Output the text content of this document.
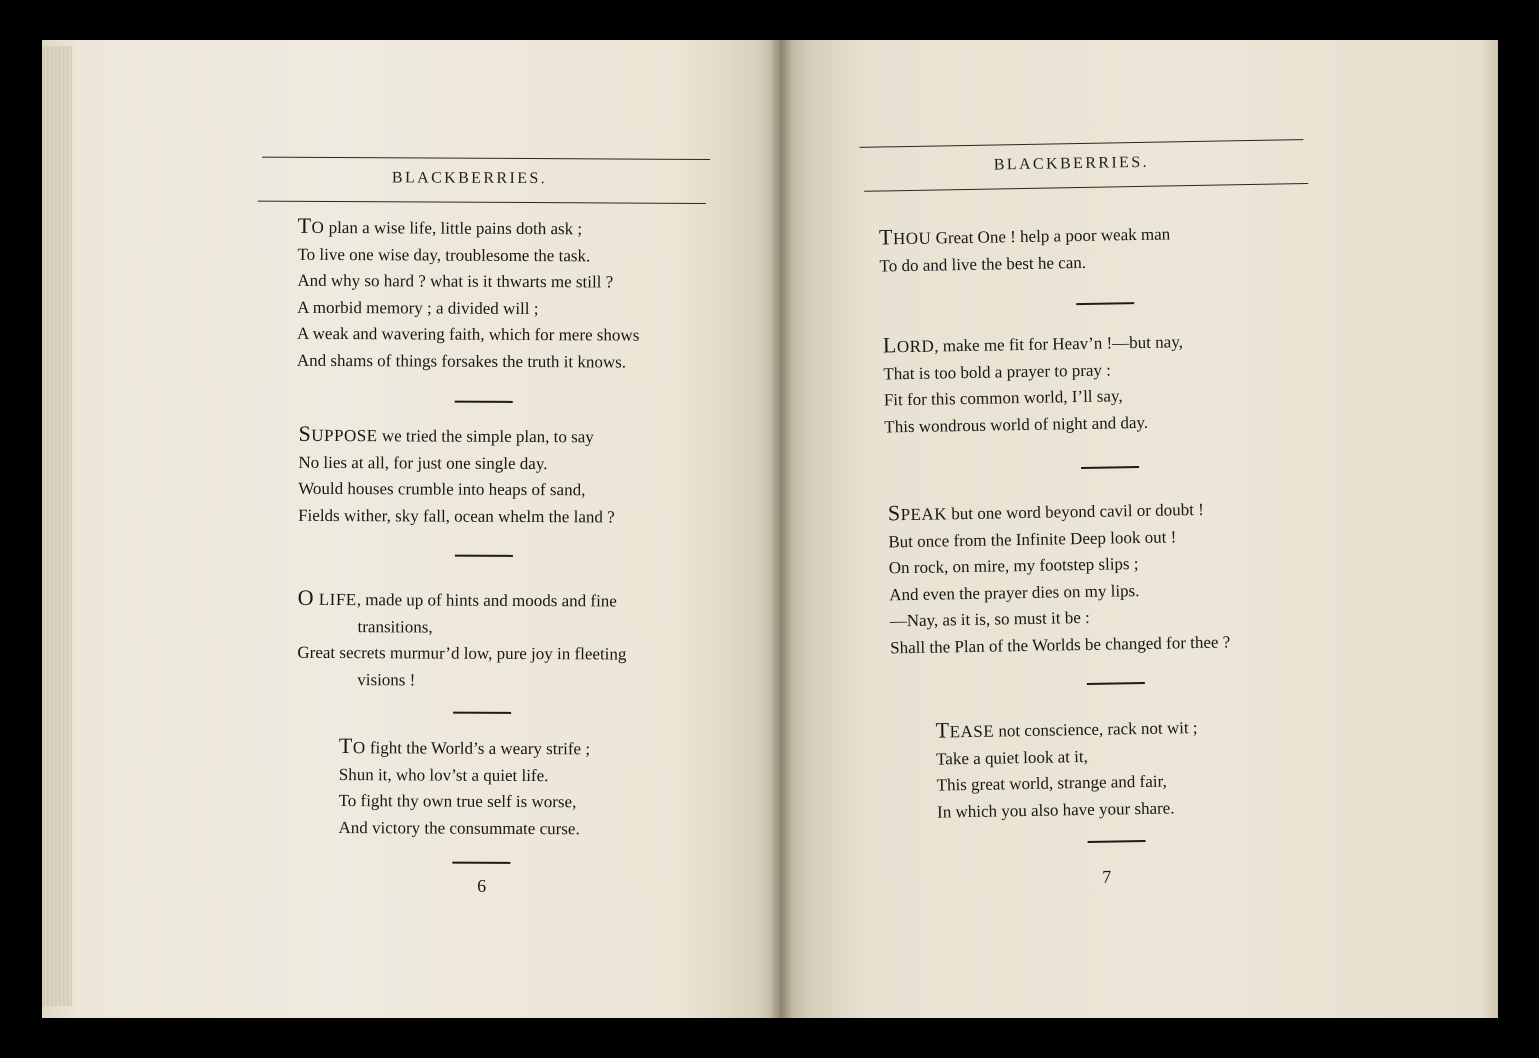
BLACKBERRIES.
TO plan a wise life, little pains doth ask ;
To live one wise day, troublesome the task.
And why so hard ? what is it thwarts me still ?
A morbid memory ; a divided will ;
A weak and wavering faith, which for mere shows
And shams of things forsakes the truth it knows.
SUPPOSE we tried the simple plan, to say
No lies at all, for just one single day.
Would houses crumble into heaps of sand,
Fields wither, sky fall, ocean whelm the land ?
O LIFE, made up of hints and moods and fine
transitions,
Great secrets murmur’d low, pure joy in fleeting
visions !
TO fight the World’s a weary strife ;
Shun it, who lov’st a quiet life.
To fight thy own true self is worse,
And victory the consummate curse.
6
BLACKBERRIES.
THOU Great One ! help a poor weak man
To do and live the best he can.
LORD, make me fit for Heav’n !—but nay,
That is too bold a prayer to pray :
Fit for this common world, I’ll say,
This wondrous world of night and day.
SPEAK but one word beyond cavil or doubt !
But once from the Infinite Deep look out !
On rock, on mire, my footstep slips ;
And even the prayer dies on my lips.
—Nay, as it is, so must it be :
Shall the Plan of the Worlds be changed for thee ?
TEASE not conscience, rack not wit ;
Take a quiet look at it,
This great world, strange and fair,
In which you also have your share.
7
